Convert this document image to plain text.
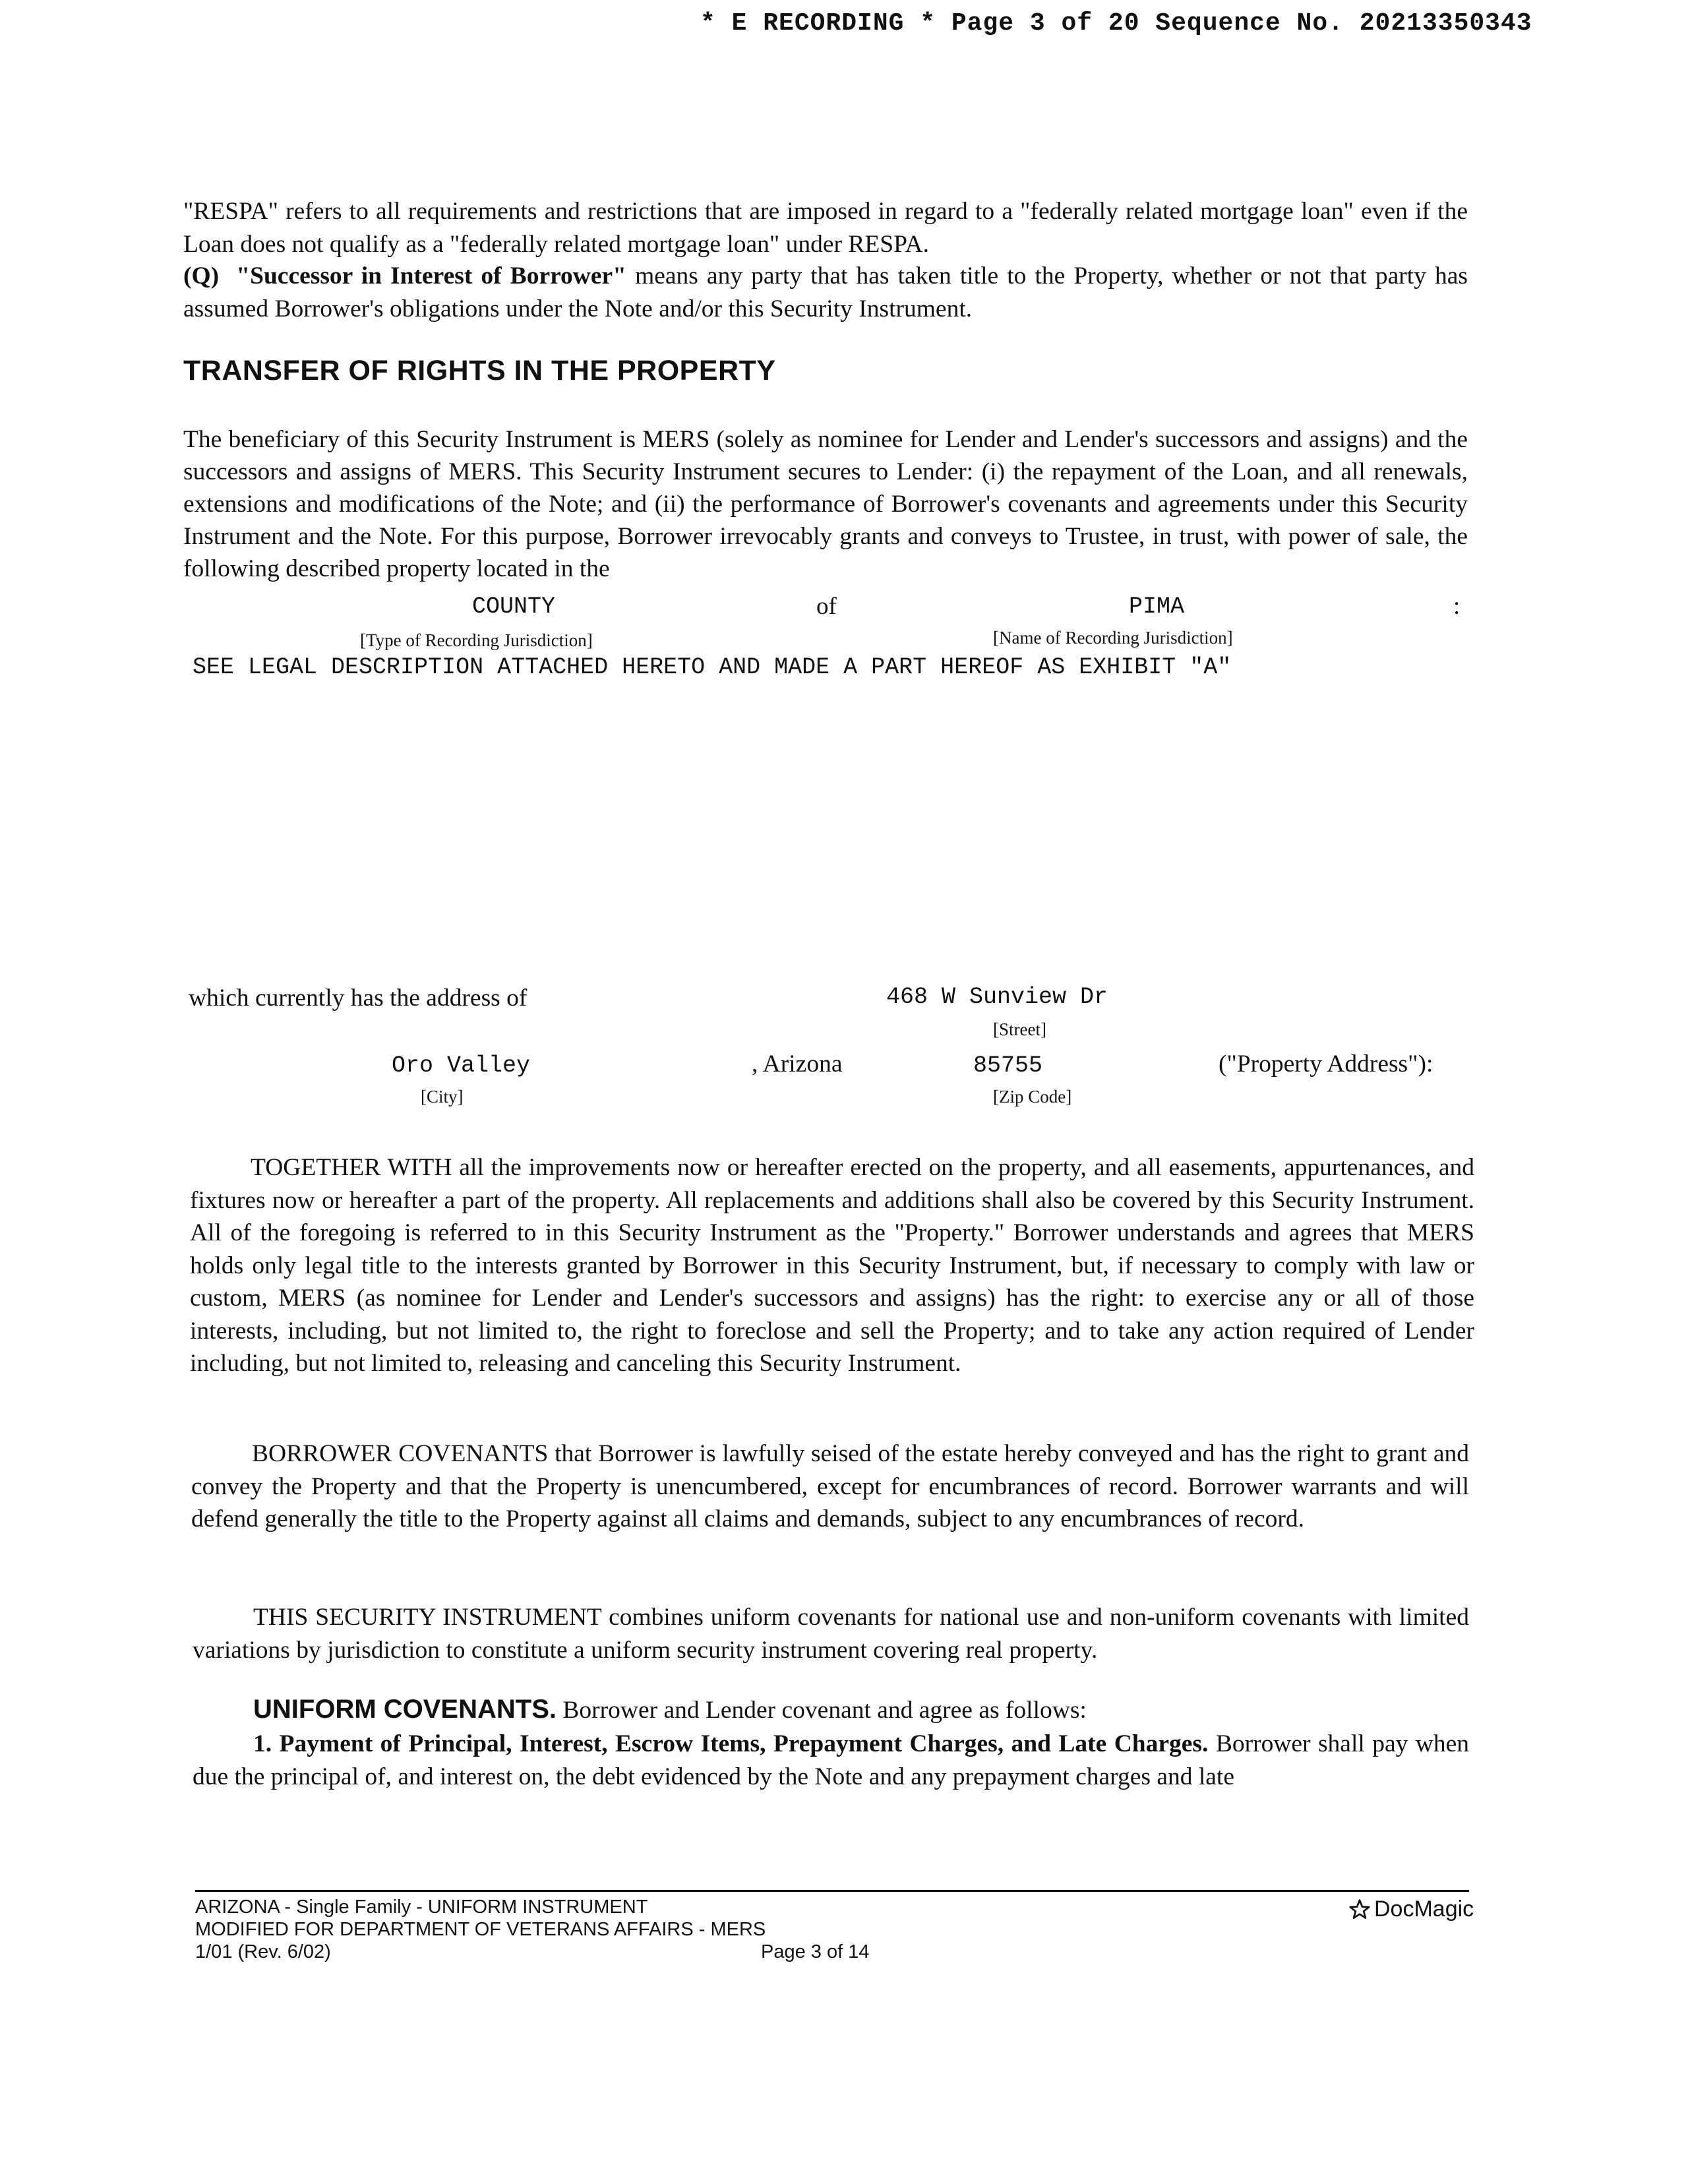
* E RECORDING * Page 3 of 20 Sequence No. 20213350343
"RESPA" refers to all requirements and restrictions that are imposed in regard to a "federally related mortgage loan" even if the Loan does not qualify as a "federally related mortgage loan" under RESPA.
(Q) "Successor in Interest of Borrower" means any party that has taken title to the Property, whether or not that party has assumed Borrower's obligations under the Note and/or this Security Instrument.
TRANSFER OF RIGHTS IN THE PROPERTY
The beneficiary of this Security Instrument is MERS (solely as nominee for Lender and Lender's successors and assigns) and the successors and assigns of MERS. This Security Instrument secures to Lender: (i) the repayment of the Loan, and all renewals, extensions and modifications of the Note; and (ii) the performance of Borrower's covenants and agreements under this Security Instrument and the Note. For this purpose, Borrower irrevocably grants and conveys to Trustee, in trust, with power of sale, the following described property located in the
COUNTY	of	PIMA	:
[Type of Recording Jurisdiction]	[Name of Recording Jurisdiction]
SEE LEGAL DESCRIPTION ATTACHED HERETO AND MADE A PART HEREOF AS EXHIBIT "A"
which currently has the address of	468 W Sunview Dr
[Street]
Oro Valley	, Arizona	85755	("Property Address"):
[City]	[Zip Code]
TOGETHER WITH all the improvements now or hereafter erected on the property, and all easements, appurtenances, and fixtures now or hereafter a part of the property. All replacements and additions shall also be covered by this Security Instrument. All of the foregoing is referred to in this Security Instrument as the "Property." Borrower understands and agrees that MERS holds only legal title to the interests granted by Borrower in this Security Instrument, but, if necessary to comply with law or custom, MERS (as nominee for Lender and Lender's successors and assigns) has the right: to exercise any or all of those interests, including, but not limited to, the right to foreclose and sell the Property; and to take any action required of Lender including, but not limited to, releasing and canceling this Security Instrument.
BORROWER COVENANTS that Borrower is lawfully seised of the estate hereby conveyed and has the right to grant and convey the Property and that the Property is unencumbered, except for encumbrances of record. Borrower warrants and will defend generally the title to the Property against all claims and demands, subject to any encumbrances of record.
THIS SECURITY INSTRUMENT combines uniform covenants for national use and non-uniform covenants with limited variations by jurisdiction to constitute a uniform security instrument covering real property.
UNIFORM COVENANTS. Borrower and Lender covenant and agree as follows:
1. Payment of Principal, Interest, Escrow Items, Prepayment Charges, and Late Charges. Borrower shall pay when due the principal of, and interest on, the debt evidenced by the Note and any prepayment charges and late
ARIZONA - Single Family - UNIFORM INSTRUMENT
MODIFIED FOR DEPARTMENT OF VETERANS AFFAIRS - MERS
1/01 (Rev. 6/02)	Page 3 of 14
DocMagic
